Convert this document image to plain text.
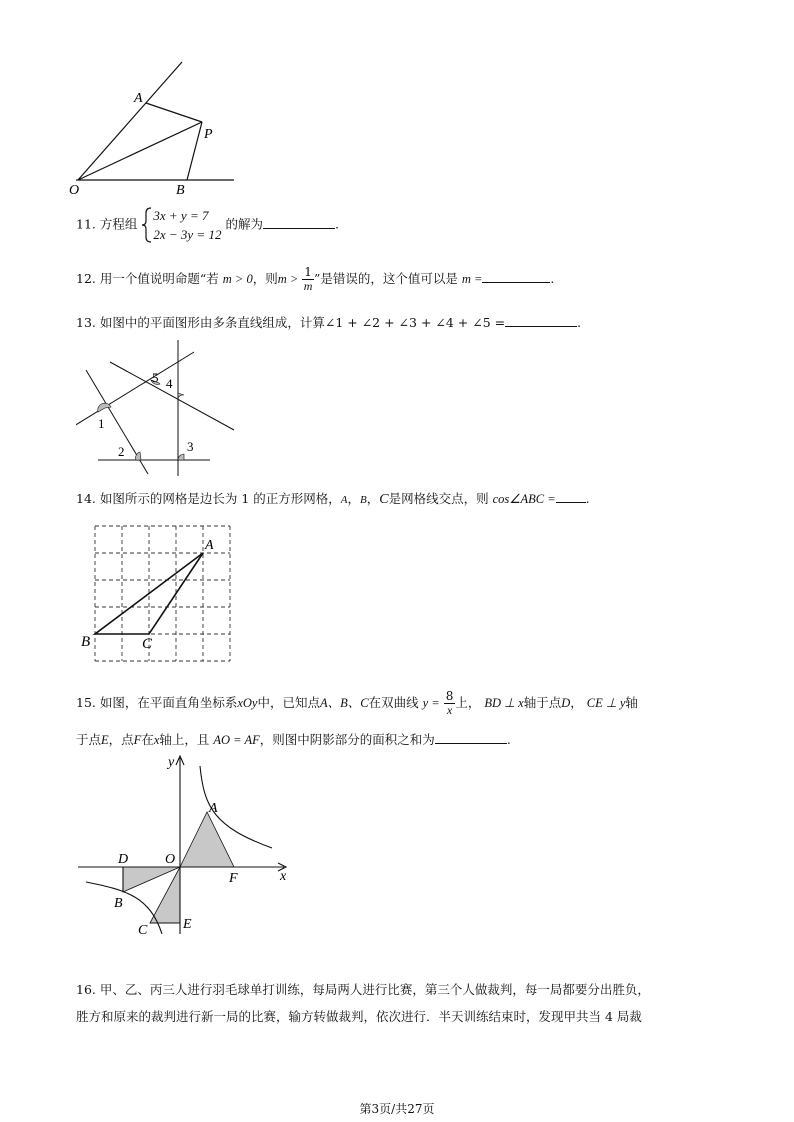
A
P
O	B
11. 方程组
3x + y = 7
2x − 3y = 12
的解为	.
12. 用一个值说明命题“若 m > 0，则$m > \frac{1}{m}$ ”是错误的，这个值可以是 m =	.
13. 如图中的平面图形由多条直线组成，计算∠1 + ∠2 + ∠3 + ∠4 + ∠5 =	.
1
2	3
4
5
14. 如图所示的网格是边长为 1 的正方形网格，A，B，C是网格线交点，则 cos∠ABC = .
A
B	C
15. 如图，在平面直角坐标系xOy中，已知点A、B、C在双曲线 $y = \frac{8}{x}$ 上， BD ⊥ x轴于点D， CE ⊥ y轴
于点E，点F在x轴上，且 AO = AF，则图中阴影部分的面积之和为	.
y
x
A
D	O
F
B
C	E
16. 甲、乙、丙三人进行羽毛球单打训练，每局两人进行比赛，第三个人做裁判，每一局都要分出胜负，
胜方和原来的裁判进行新一局的比赛，输方转做裁判，依次进行．半天训练结束时，发现甲共当 4 局裁
第3页/共27页
